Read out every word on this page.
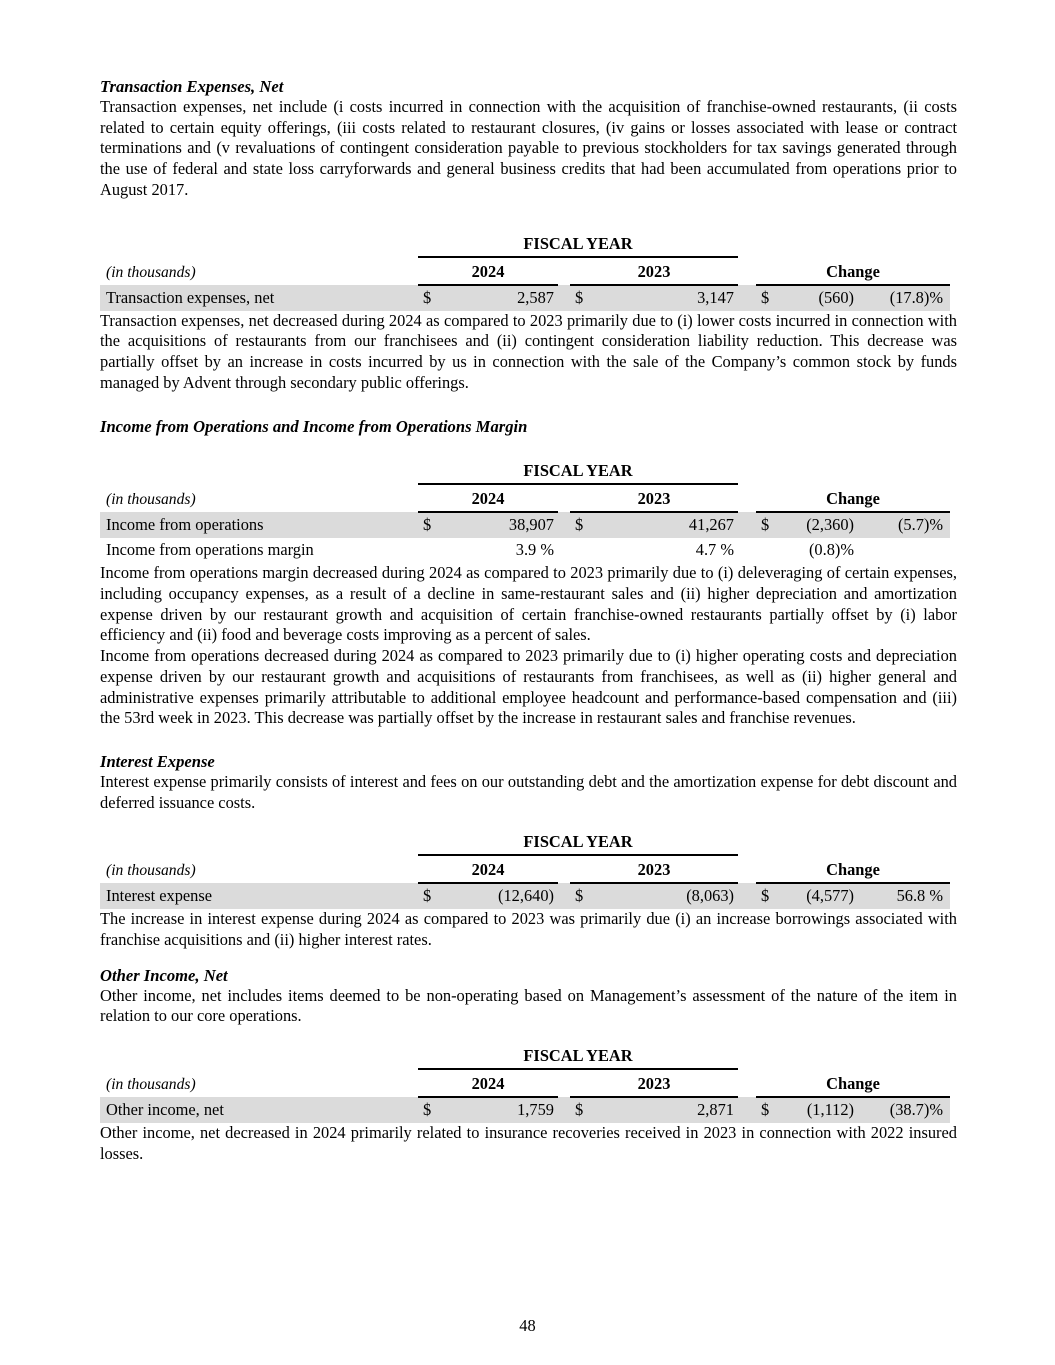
Transaction Expenses, Net

Transaction expenses, net include (i costs incurred in connection with the acquisition of franchise-owned restaurants, (ii costs related to certain equity offerings, (iii costs related to restaurant closures, (iv gains or losses associated with lease or contract terminations and (v revaluations of contingent consideration payable to previous stockholders for tax savings generated through the use of federal and state loss carryforwards and general business credits that had been accumulated from operations prior to August 2017.

	FISCAL YEAR								
(in thousands)	2024			2023			Change		
Transaction expenses, net	$	2,587		$	3,147		$	(560)	(17.8)%

Transaction expenses, net decreased during 2024 as compared to 2023 primarily due to (i) lower costs incurred in connection with the acquisitions of restaurants from our franchisees and (ii) contingent consideration liability reduction. This decrease was partially offset by an increase in costs incurred by us in connection with the sale of the Company’s common stock by funds managed by Advent through secondary public offerings.

Income from Operations and Income from Operations Margin
	FISCAL YEAR								
(in thousands)	2024			2023			Change		
Income from operations	$	38,907		$	41,267		$	(2,360)	(5.7)%
Income from operations margin		3.9 %			4.7 %			(0.8)%	

Income from operations margin decreased during 2024 as compared to 2023 primarily due to (i) deleveraging of certain expenses, including occupancy expenses, as a result of a decline in same-restaurant sales and (ii) higher depreciation and amortization expense driven by our restaurant growth and acquisition of certain franchise-owned restaurants partially offset by (i) labor efficiency and (ii) food and beverage costs improving as a percent of sales.

Income from operations decreased during 2024 as compared to 2023 primarily due to (i) higher operating costs and depreciation expense driven by our restaurant growth and acquisitions of restaurants from franchisees, as well as (ii) higher general and administrative expenses primarily attributable to additional employee headcount and performance-based compensation and (iii) the 53rd week in 2023. This decrease was partially offset by the increase in restaurant sales and franchise revenues.

Interest Expense

Interest expense primarily consists of interest and fees on our outstanding debt and the amortization expense for debt discount and deferred issuance costs.

	FISCAL YEAR								
(in thousands)	2024			2023			Change		
Interest expense	$	(12,640)		$	(8,063)		$	(4,577)	56.8 %

The increase in interest expense during 2024 as compared to 2023 was primarily due (i) an increase borrowings associated with franchise acquisitions and (ii) higher interest rates.

Other Income, Net

Other income, net includes items deemed to be non-operating based on Management’s assessment of the nature of the item in relation to our core operations.

	FISCAL YEAR								
(in thousands)	2024			2023			Change		
Other income, net	$	1,759		$	2,871		$	(1,112)	(38.7)%

Other income, net decreased in 2024 primarily related to insurance recoveries received in 2023 in connection with 2022 insured losses.

48
